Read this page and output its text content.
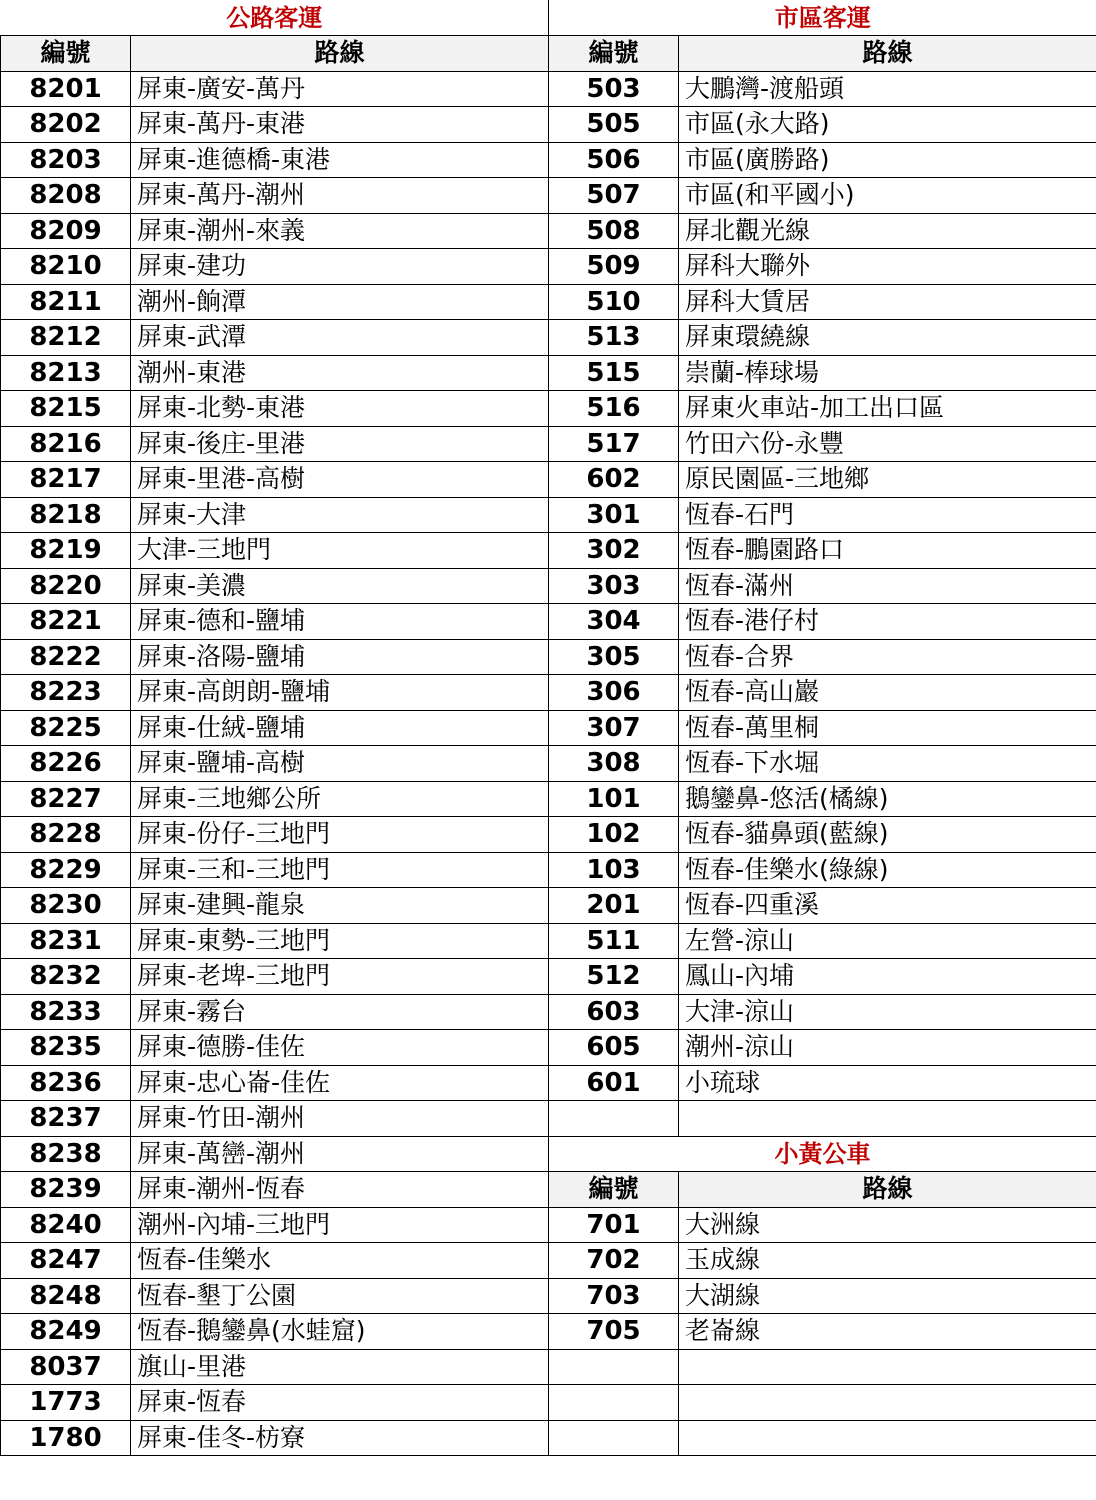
公路客運		市區客運	
編號	路線	編號	路線
8201	屏東-廣安-萬丹	503	大鵬灣-渡船頭
8202	屏東-萬丹-東港	505	市區(永大路)
8203	屏東-進德橋-東港	506	市區(廣勝路)
8208	屏東-萬丹-潮州	507	市區(和平國小)
8209	屏東-潮州-來義	508	屏北觀光線
8210	屏東-建功	509	屏科大聯外
8211	潮州-餉潭	510	屏科大賃居
8212	屏東-武潭	513	屏東環繞線
8213	潮州-東港	515	崇蘭-棒球場
8215	屏東-北勢-東港	516	屏東火車站-加工出口區
8216	屏東-後庄-里港	517	竹田六份-永豐
8217	屏東-里港-高樹	602	原民園區-三地鄉
8218	屏東-大津	301	恆春-石門
8219	大津-三地門	302	恆春-鵬園路口
8220	屏東-美濃	303	恆春-滿州
8221	屏東-德和-鹽埔	304	恆春-港仔村
8222	屏東-洛陽-鹽埔	305	恆春-合界
8223	屏東-高朗朗-鹽埔	306	恆春-高山巖
8225	屏東-仕絨-鹽埔	307	恆春-萬里桐
8226	屏東-鹽埔-高樹	308	恆春-下水堀
8227	屏東-三地鄉公所	101	鵝鑾鼻-悠活(橘線)
8228	屏東-份仔-三地門	102	恆春-貓鼻頭(藍線)
8229	屏東-三和-三地門	103	恆春-佳樂水(綠線)
8230	屏東-建興-龍泉	201	恆春-四重溪
8231	屏東-東勢-三地門	511	左營-涼山
8232	屏東-老埤-三地門	512	鳳山-內埔
8233	屏東-霧台	603	大津-涼山
8235	屏東-德勝-佳佐	605	潮州-涼山
8236	屏東-忠心崙-佳佐	601	小琉球
8237	屏東-竹田-潮州		
8238	屏東-萬巒-潮州	小黃公車	
8239	屏東-潮州-恆春	編號	路線
8240	潮州-內埔-三地門	701	大洲線
8247	恆春-佳樂水	702	玉成線
8248	恆春-墾丁公園	703	大湖線
8249	恆春-鵝鑾鼻(水蛙窟)	705	老崙線
8037	旗山-里港		
1773	屏東-恆春		
1780	屏東-佳冬-枋寮		
